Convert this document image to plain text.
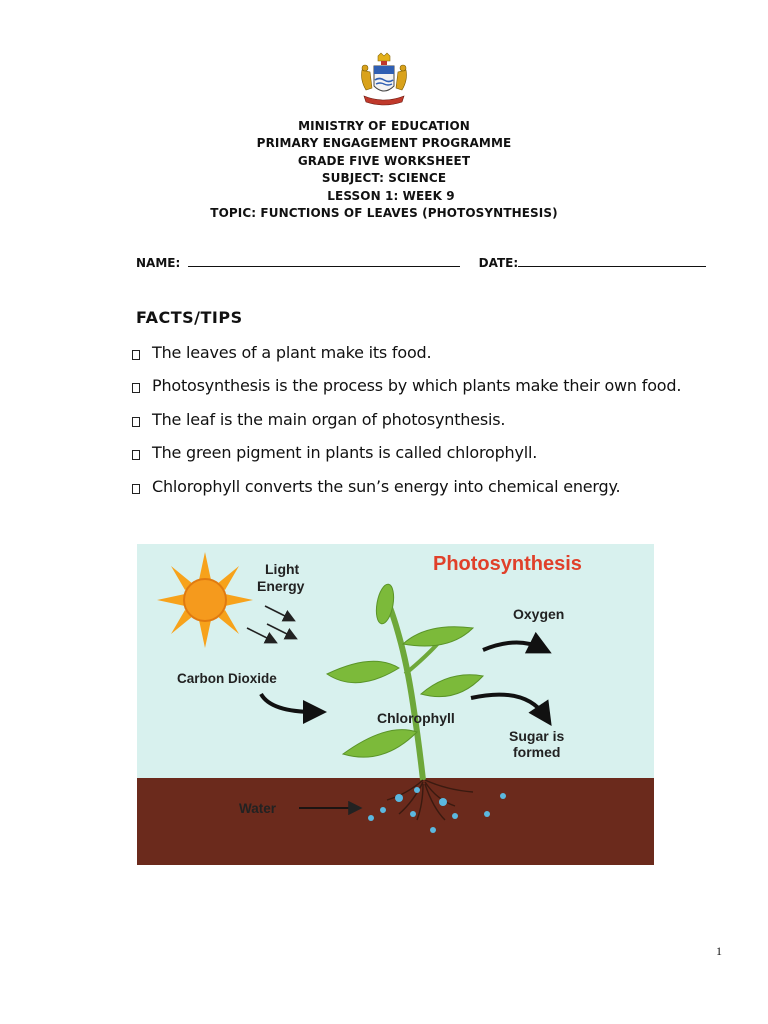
MINISTRY OF EDUCATION
PRIMARY ENGAGEMENT PROGRAMME
GRADE FIVE WORKSHEET
SUBJECT: SCIENCE
LESSON 1: WEEK 9
TOPIC: FUNCTIONS OF LEAVES (PHOTOSYNTHESIS)
NAME:	DATE:
FACTS/TIPS
The leaves of a plant make its food.
Photosynthesis is the process by which plants make their own food.
The leaf is the main organ of photosynthesis.
The green pigment in plants is called chlorophyll.
Chlorophyll converts the sun’s energy into chemical energy.
Photosynthesis
Light
Energy
Oxygen
Carbon Dioxide
Chlorophyll
Sugar is
formed
Water
1
